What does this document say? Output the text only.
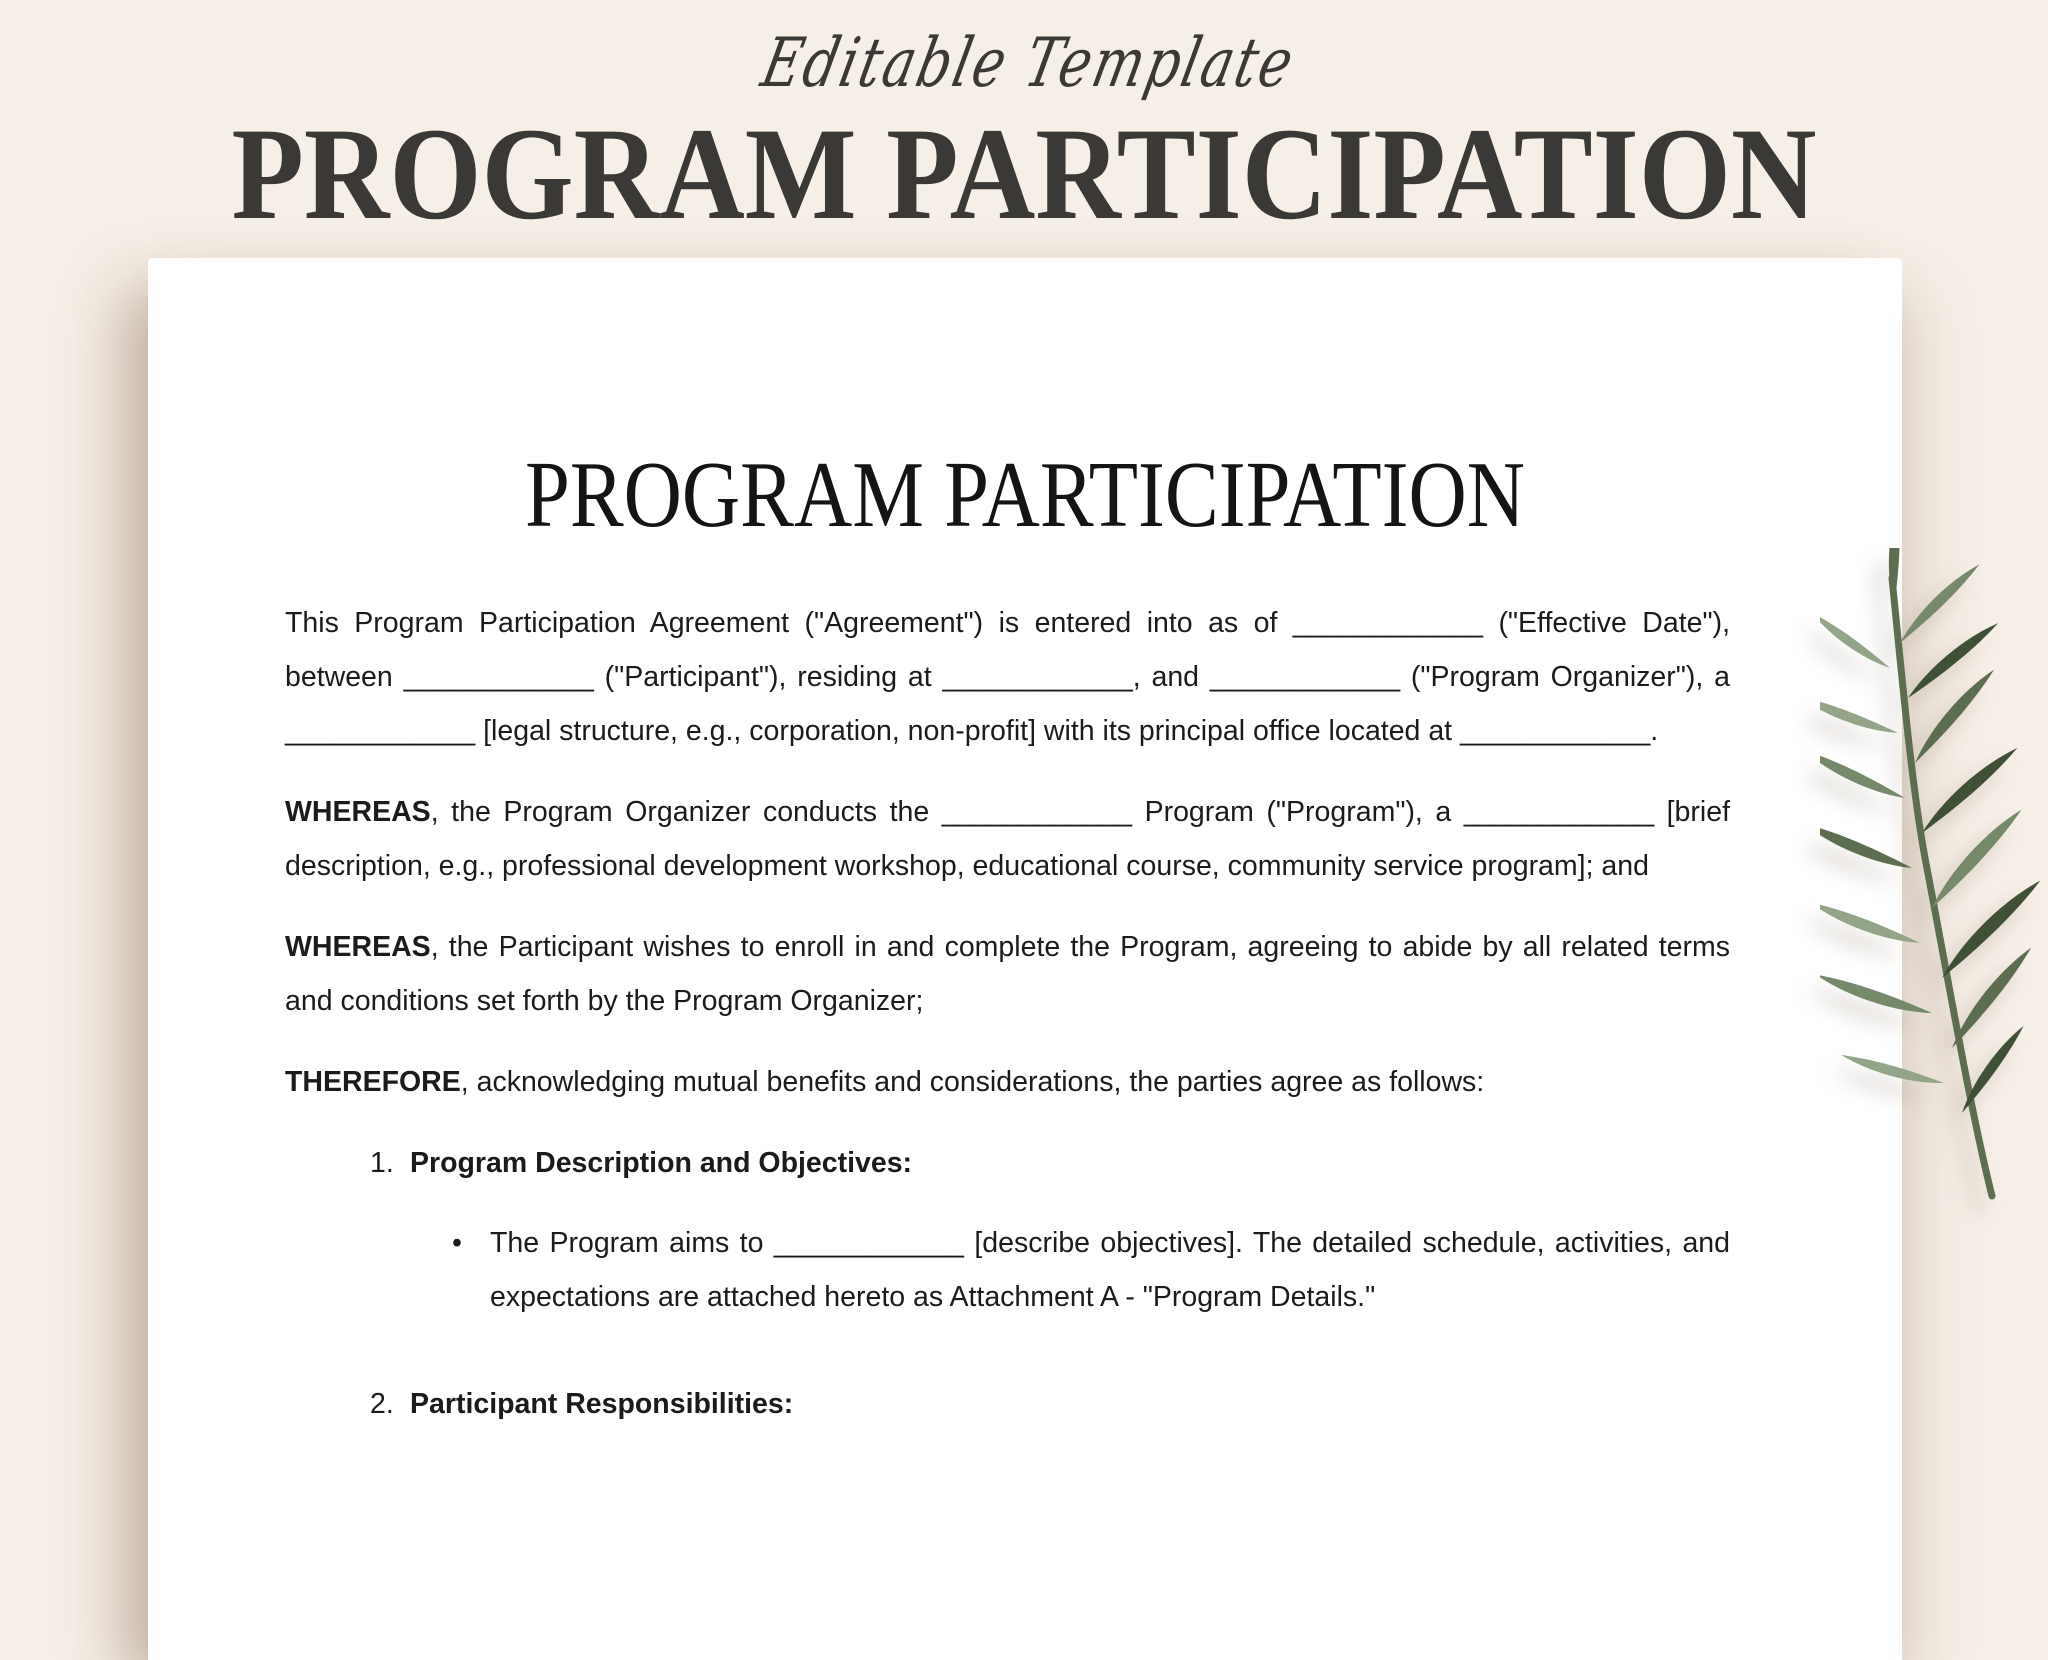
Editable Template
PROGRAM PARTICIPATION
PROGRAM PARTICIPATION

This Program Participation Agreement ("Agreement") is entered into as of ____________ ("Effective Date"), between ____________ ("Participant"), residing at ____________, and ____________ ("Program Organizer"), a ____________ [legal structure, e.g., corporation, non-profit] with its principal office located at ____________.

WHEREAS, the Program Organizer conducts the ____________ Program ("Program"), a ____________ [brief description, e.g., professional development workshop, educational course, community service program]; and

WHEREAS, the Participant wishes to enroll in and complete the Program, agreeing to abide by all related terms and conditions set forth by the Program Organizer;

THEREFORE, acknowledging mutual benefits and considerations, the parties agree as follows:

1. Program Description and Objectives:
• The Program aims to ____________ [describe objectives]. The detailed schedule, activities, and expectations are attached hereto as Attachment A - "Program Details."

2. Participant Responsibilities:
